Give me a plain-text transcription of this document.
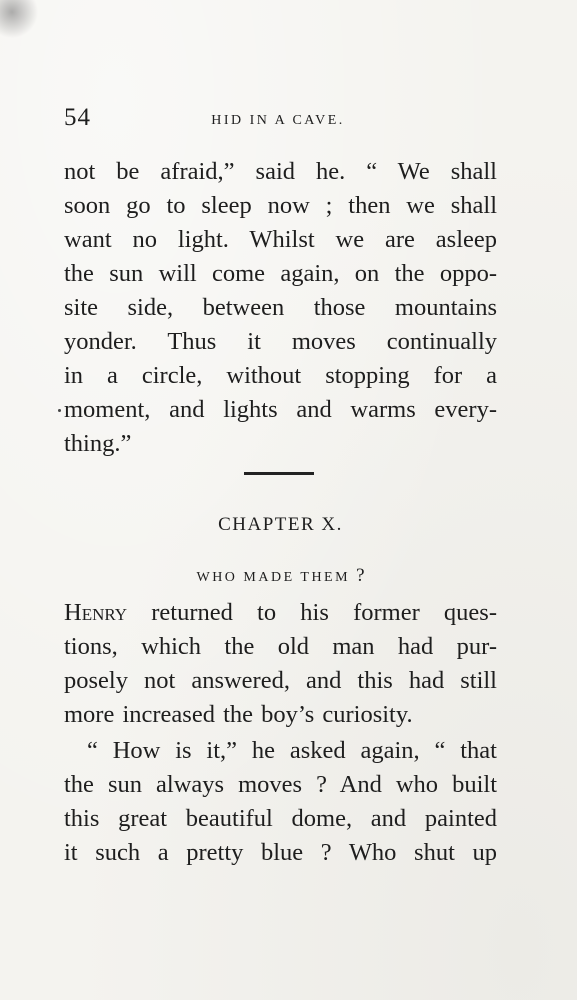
54	HID IN A CAVE.
not be afraid,” said he. “ We shall
soon go to sleep now ; then we shall
want no light. Whilst we are asleep
the sun will come again, on the oppo-
site side, between those mountains
yonder. Thus it moves continually
in a circle, without stopping for a
moment, and lights and warms every-
thing.”
CHAPTER X.
WHO MADE THEM ?
Henry returned to his former ques-
tions, which the old man had pur-
posely not answered, and this had still
more increased the boy’s curiosity.
“ How is it,” he asked again, “ that
the sun always moves ? And who built
this great beautiful dome, and painted
it such a pretty blue ? Who shut up
